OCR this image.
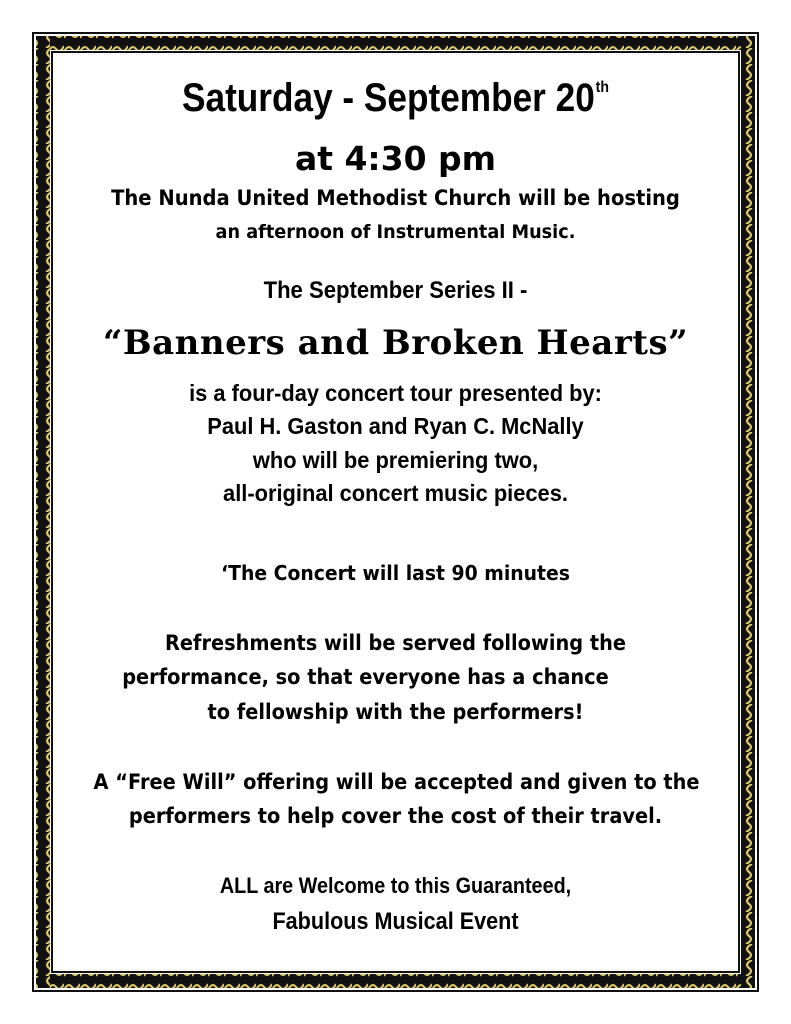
Saturday - September 20th
at 4:30 pm
The Nunda United Methodist Church will be hosting
an afternoon of Instrumental Music.
The September Series II -
“Banners and Broken Hearts”
is a four-day concert tour presented by:
Paul H. Gaston and Ryan C. McNally
who will be premiering two,
all-original concert music pieces.
‘The Concert will last 90 minutes
Refreshments will be served following the
performance, so that everyone has a chance
to fellowship with the performers!
A “Free Will” offering will be accepted and given to the
performers to help cover the cost of their travel.
ALL are Welcome to this Guaranteed,
Fabulous Musical Event
